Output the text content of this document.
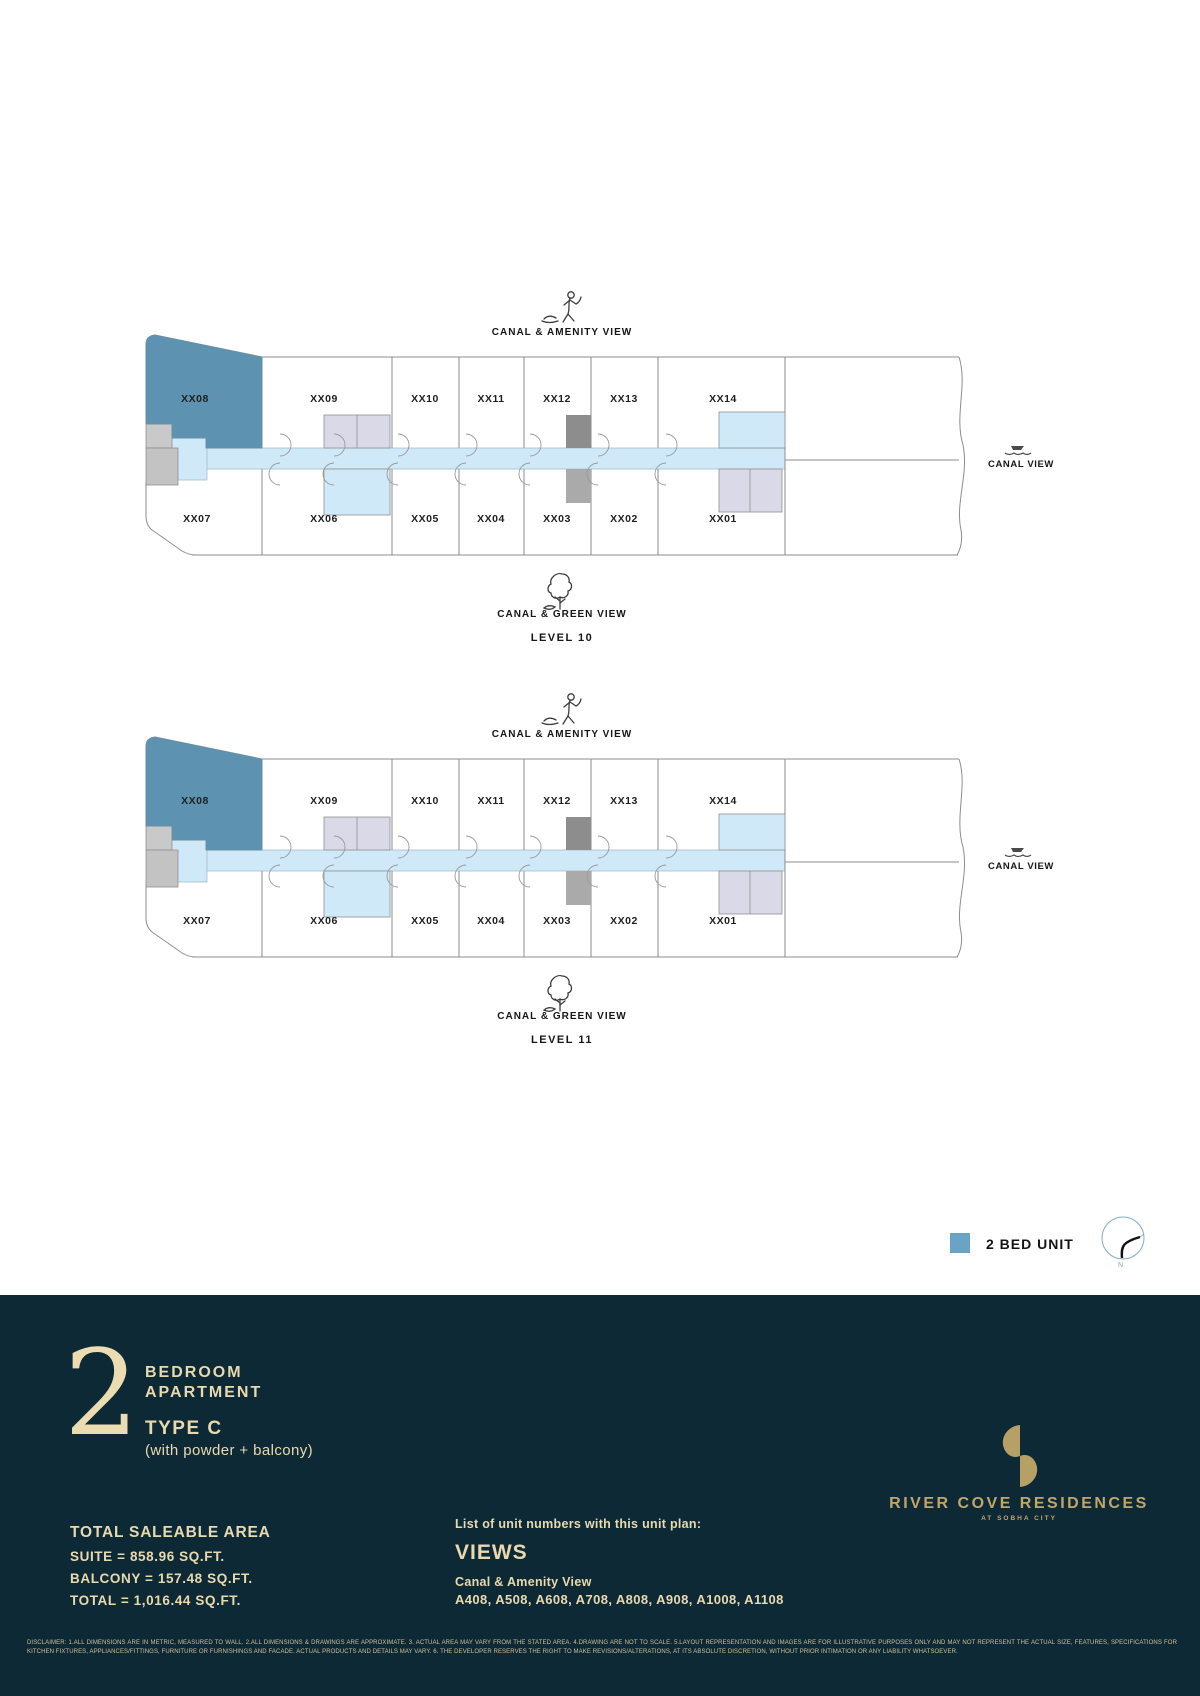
CANAL & AMENITY VIEW
XX08	XX09	XX10	XX11	XX12	XX13	XX14
XX07	XX06	XX05	XX04	XX03	XX02	XX01
CANAL VIEW
CANAL & GREEN VIEW
LEVEL 10
CANAL & AMENITY VIEW
XX08	XX09	XX10	XX11	XX12	XX13	XX14
XX07	XX06	XX05	XX04	XX03	XX02	XX01
CANAL VIEW
CANAL & GREEN VIEW
LEVEL 11
2 BED UNIT
N
2 BEDROOM
APARTMENT
TYPE C
(with powder + balcony)
TOTAL SALEABLE AREA
SUITE = 858.96 SQ.FT.
BALCONY = 157.48 SQ.FT.
TOTAL = 1,016.44 SQ.FT.
List of unit numbers with this unit plan:
VIEWS
Canal & Amenity View
A408, A508, A608, A708, A808, A908, A1008, A1108
RIVER COVE RESIDENCES
AT SOBHA CITY

DISCLAIMER: 1.ALL DIMENSIONS ARE IN METRIC, MEASURED TO WALL. 2.ALL DIMENSIONS & DRAWINGS ARE APPROXIMATE. 3. ACTUAL AREA MAY VARY FROM THE STATED AREA. 4.DRAWING ARE NOT TO SCALE. 5.LAYOUT REPRESENTATION AND IMAGES ARE FOR ILLUSTRATIVE PURPOSES ONLY AND MAY NOT REPRESENT THE ACTUAL SIZE, FEATURES, SPECIFICATIONS FOR KITCHEN FIXTURES, APPLIANCES/FITTINGS, FURNITURE OR FURNISHINGS AND FACADE. ACTUAL PRODUCTS AND DETAILS MAY VARY. 6. THE DEVELOPER RESERVES THE RIGHT TO MAKE REVISIONS/ALTERATIONS, AT ITS ABSOLUTE DISCRETION, WITHOUT PRIOR INTIMATION OR ANY LIABILITY WHATSOEVER.
